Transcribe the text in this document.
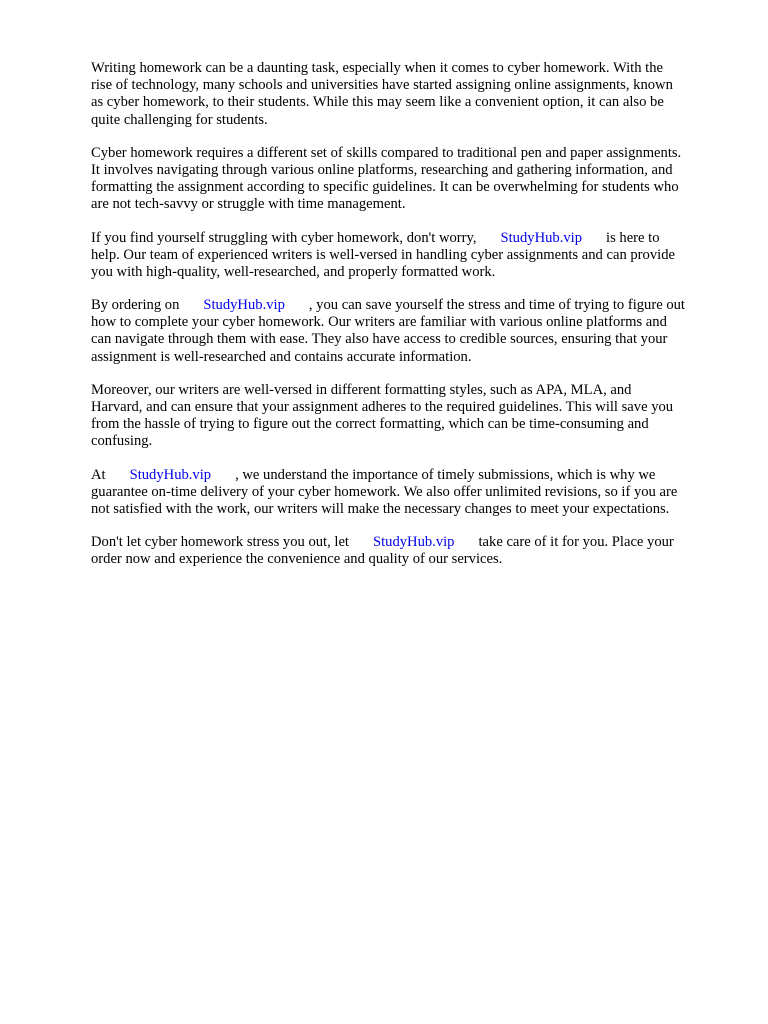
Writing homework can be a daunting task, especially when it comes to cyber homework. With the
rise of technology, many schools and universities have started assigning online assignments, known
as cyber homework, to their students. While this may seem like a convenient option, it can also be
quite challenging for students.

Cyber homework requires a different set of skills compared to traditional pen and paper assignments.
It involves navigating through various online platforms, researching and gathering information, and
formatting the assignment according to specific guidelines. It can be overwhelming for students who
are not tech-savvy or struggle with time management.

If you find yourself struggling with cyber homework, don't worry, StudyHub.vip is here to
help. Our team of experienced writers is well-versed in handling cyber assignments and can provide
you with high-quality, well-researched, and properly formatted work.

By ordering on StudyHub.vip , you can save yourself the stress and time of trying to figure out
how to complete your cyber homework. Our writers are familiar with various online platforms and
can navigate through them with ease. They also have access to credible sources, ensuring that your
assignment is well-researched and contains accurate information.

Moreover, our writers are well-versed in different formatting styles, such as APA, MLA, and
Harvard, and can ensure that your assignment adheres to the required guidelines. This will save you
from the hassle of trying to figure out the correct formatting, which can be time-consuming and
confusing.

At StudyHub.vip , we understand the importance of timely submissions, which is why we
guarantee on-time delivery of your cyber homework. We also offer unlimited revisions, so if you are
not satisfied with the work, our writers will make the necessary changes to meet your expectations.

Don't let cyber homework stress you out, let StudyHub.vip take care of it for you. Place your
order now and experience the convenience and quality of our services.
